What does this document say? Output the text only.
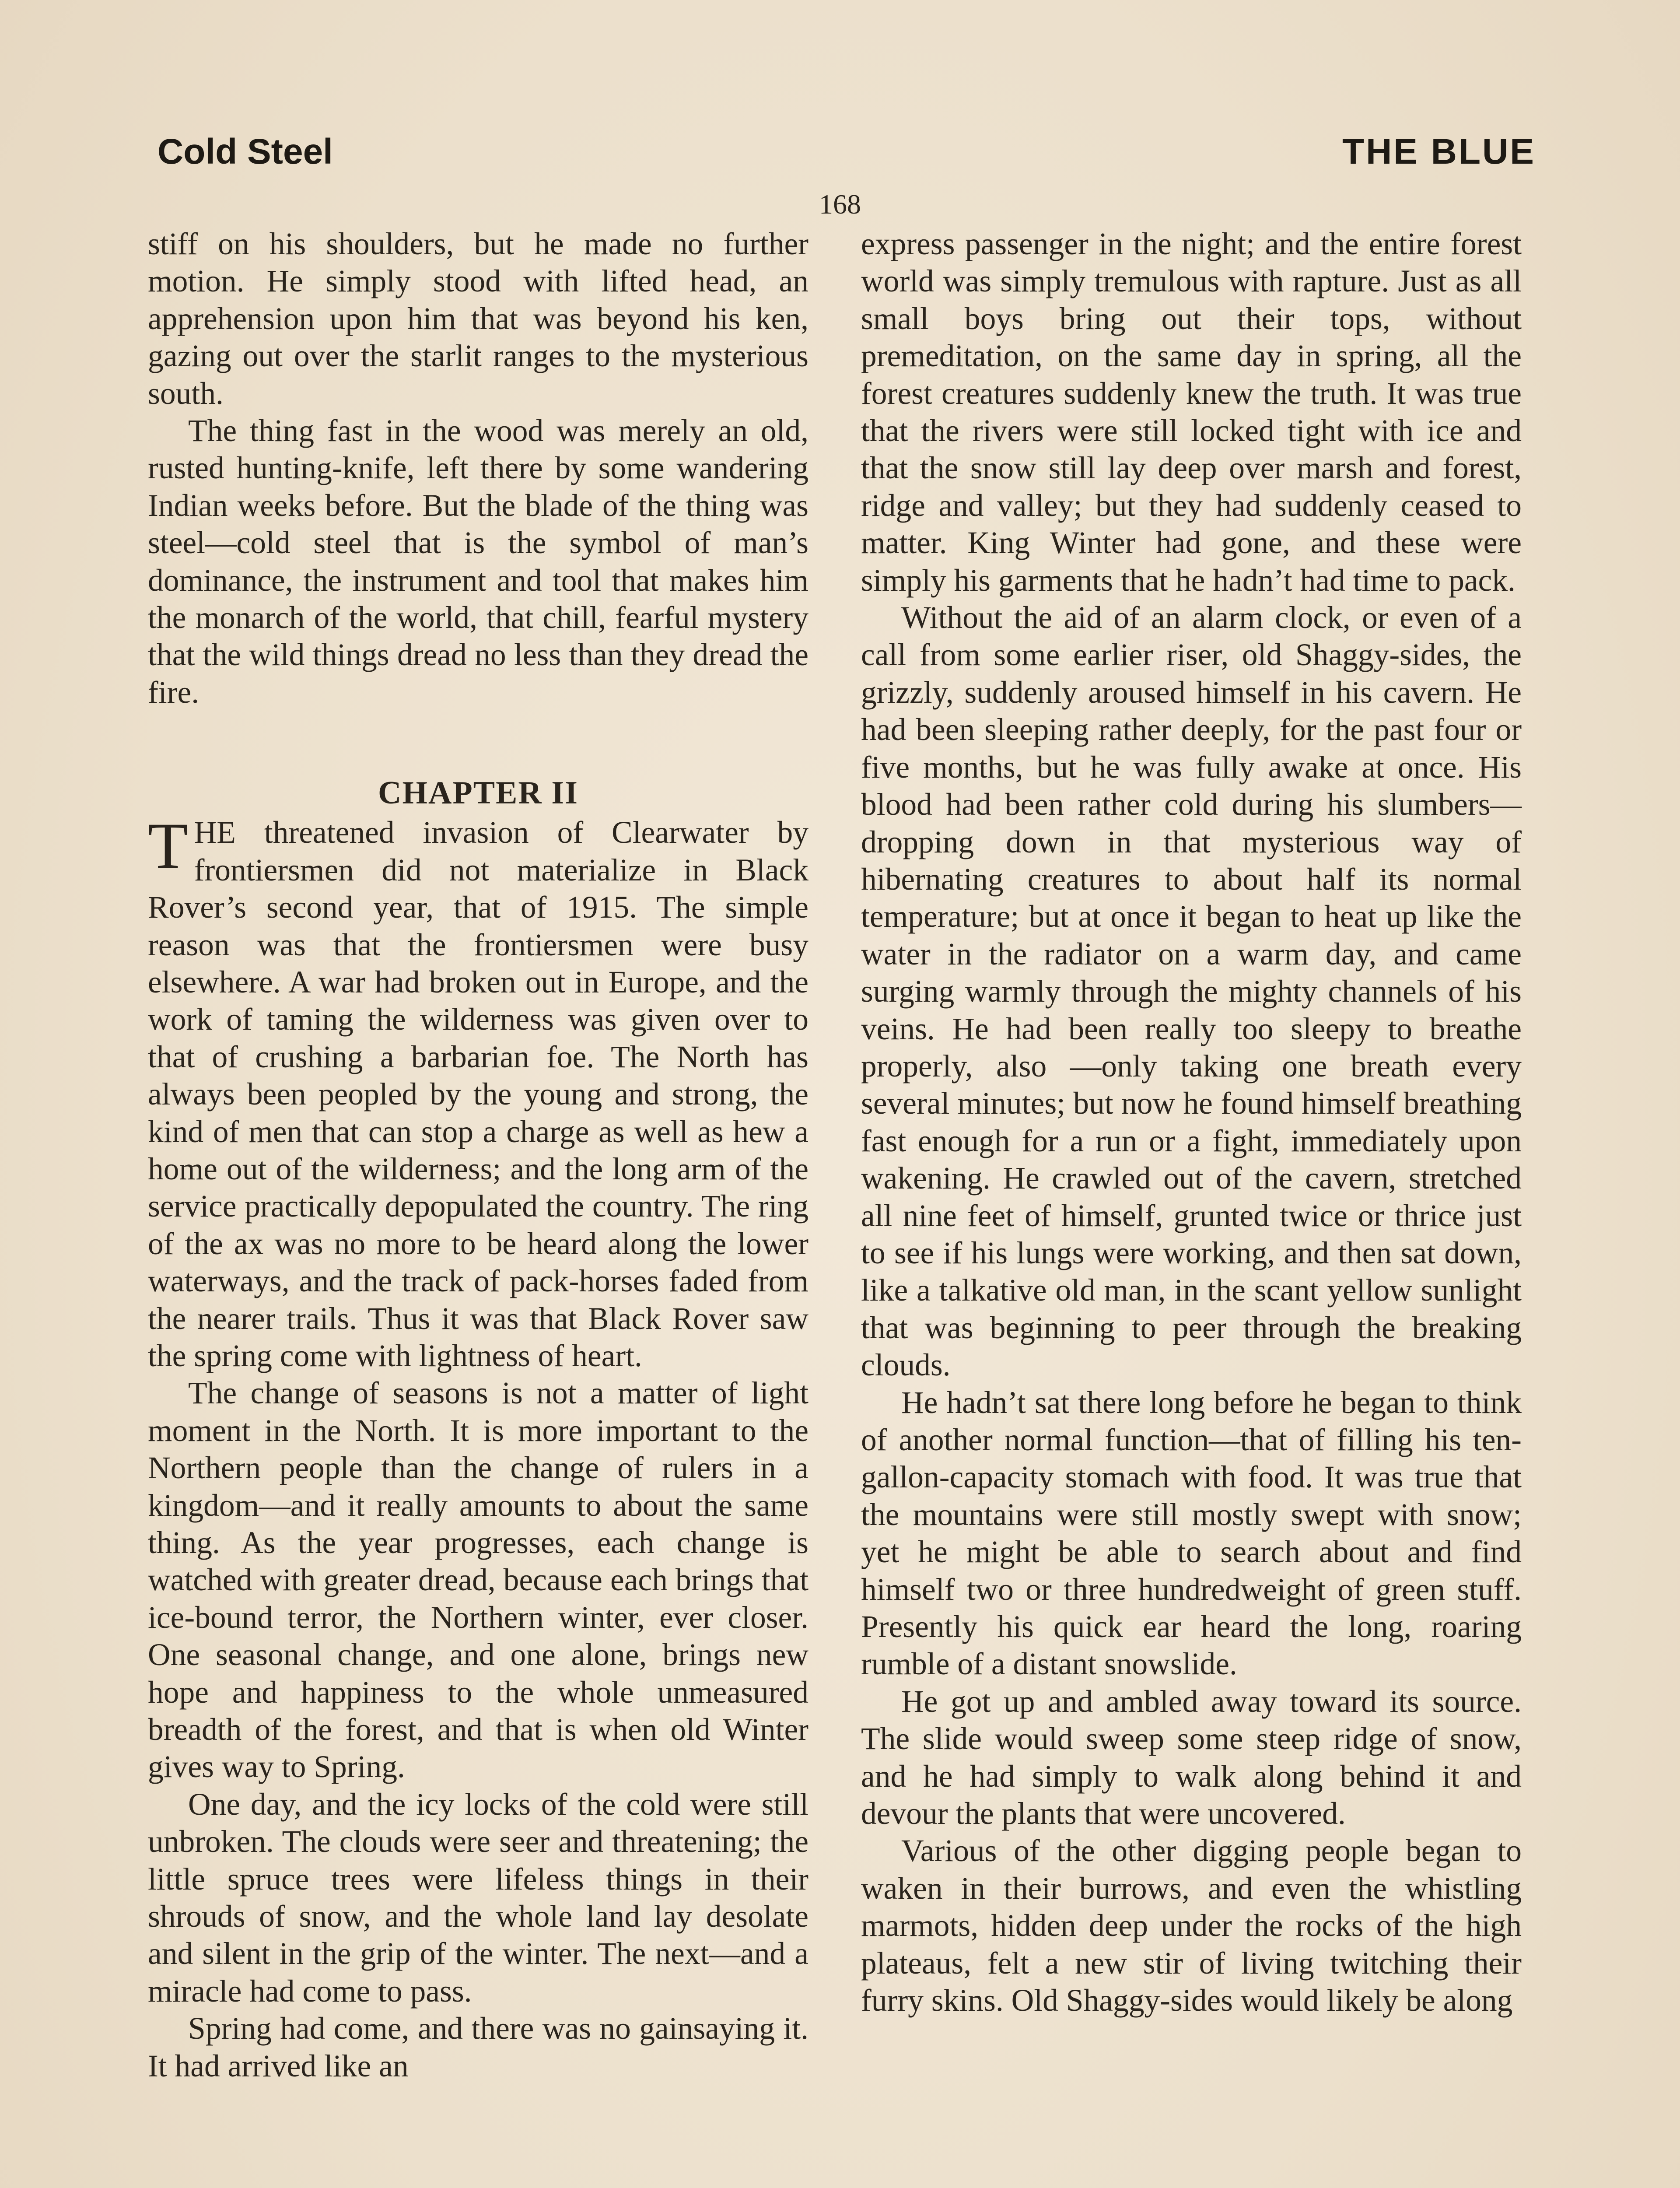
Cold Steel	THE BLUE
168

stiff on his shoulders, but he made no further motion. He simply stood with lifted head, an apprehension upon him that was beyond his ken, gazing out over the starlit ranges to the mysterious south.

The thing fast in the wood was merely an old, rusted hunting-knife, left there by some wandering Indian weeks before. But the blade of the thing was steel—cold steel that is the symbol of man’s dominance, the instrument and tool that makes him the monarch of the world, that chill, fearful mystery that the wild things dread no less than they dread the fire.

CHAPTER II

THE threatened invasion of Clearwater by frontiersmen did not materialize in Black Rover’s second year, that of 1915. The simple reason was that the frontiersmen were busy elsewhere. A war had broken out in Europe, and the work of taming the wilderness was given over to that of crushing a barbarian foe. The North has always been peopled by the young and strong, the kind of men that can stop a charge as well as hew a home out of the wilderness; and the long arm of the service practically depopulated the country. The ring of the ax was no more to be heard along the lower waterways, and the track of pack-horses faded from the nearer trails. Thus it was that Black Rover saw the spring come with lightness of heart.

The change of seasons is not a matter of light moment in the North. It is more important to the Northern people than the change of rulers in a kingdom—and it really amounts to about the same thing. As the year progresses, each change is watched with greater dread, because each brings that ice-bound terror, the Northern winter, ever closer. One seasonal change, and one alone, brings new hope and happiness to the whole unmeasured breadth of the forest, and that is when old Winter gives way to Spring.

One day, and the icy locks of the cold were still unbroken. The clouds were seer and threatening; the little spruce trees were lifeless things in their shrouds of snow, and the whole land lay desolate and silent in the grip of the winter. The next—and a miracle had come to pass.

Spring had come, and there was no gainsaying it. It had arrived like an

express passenger in the night; and the entire forest world was simply tremulous with rapture. Just as all small boys bring out their tops, without premeditation, on the same day in spring, all the forest creatures suddenly knew the truth. It was true that the rivers were still locked tight with ice and that the snow still lay deep over marsh and forest, ridge and valley; but they had suddenly ceased to matter. King Winter had gone, and these were simply his garments that he hadn’t had time to pack.

Without the aid of an alarm clock, or even of a call from some earlier riser, old Shaggy-sides, the grizzly, suddenly aroused himself in his cavern. He had been sleeping rather deeply, for the past four or five months, but he was fully awake at once. His blood had been rather cold during his slumbers—dropping down in that mysterious way of hibernating creatures to about half its normal temperature; but at once it began to heat up like the water in the radiator on a warm day, and came surging warmly through the mighty channels of his veins. He had been really too sleepy to breathe properly, also —only taking one breath every several minutes; but now he found himself breathing fast enough for a run or a fight, immediately upon wakening. He crawled out of the cavern, stretched all nine feet of himself, grunted twice or thrice just to see if his lungs were working, and then sat down, like a talkative old man, in the scant yellow sunlight that was beginning to peer through the breaking clouds.

He hadn’t sat there long before he began to think of another normal function—that of filling his ten-gallon-capacity stomach with food. It was true that the mountains were still mostly swept with snow; yet he might be able to search about and find himself two or three hundredweight of green stuff. Presently his quick ear heard the long, roaring rumble of a distant snowslide.

He got up and ambled away toward its source. The slide would sweep some steep ridge of snow, and he had simply to walk along behind it and devour the plants that were uncovered.

Various of the other digging people began to waken in their burrows, and even the whistling marmots, hidden deep under the rocks of the high plateaus, felt a new stir of living twitching their furry skins. Old Shaggy-sides would likely be along
